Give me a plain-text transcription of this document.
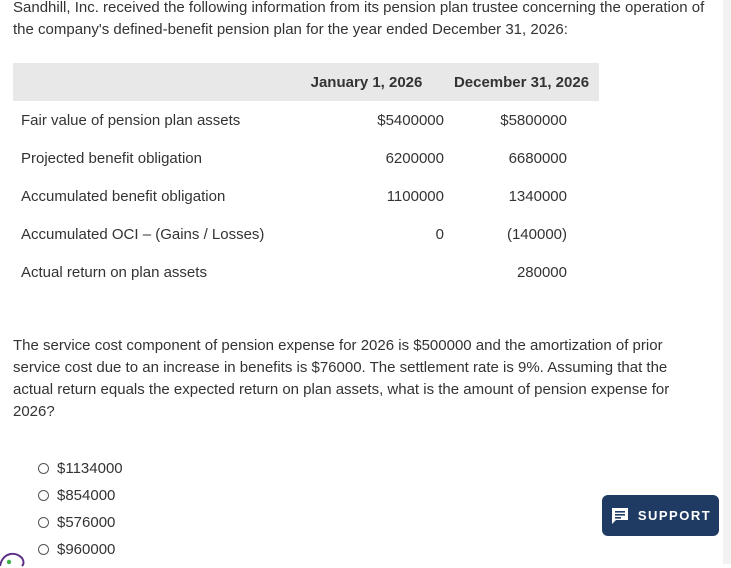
Sandhill, Inc. received the following information from its pension plan trustee concerning the operation of the company's defined-benefit pension plan for the year ended December 31, 2026:

	January 1, 2026	December 31, 2026
Fair value of pension plan assets	$5400000	$5800000
Projected benefit obligation	6200000	6680000
Accumulated benefit obligation	1100000	1340000
Accumulated OCI – (Gains / Losses)	0	(140000)
Actual return on plan assets		280000

The service cost component of pension expense for 2026 is $500000 and the amortization of prior service cost due to an increase in benefits is $76000. The settlement rate is 9%. Assuming that the actual return equals the expected return on plan assets, what is the amount of pension expense for 2026?

$1134000
$854000
$576000
$960000
SUPPORT
